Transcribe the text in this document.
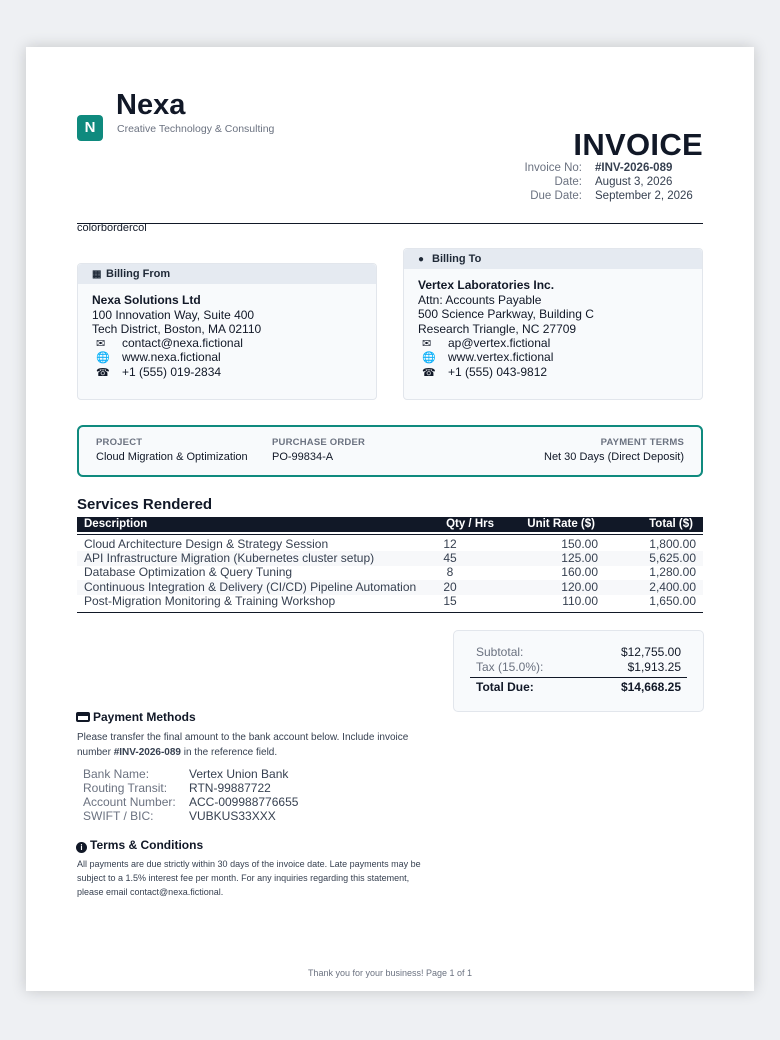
N
Nexa
Creative Technology & Consulting	INVOICE
Invoice No: #INV-2026-089
Date: August 3, 2026
Due Date: September 2, 2026
colorbordercol
▦ Billing From
Nexa Solutions Ltd
100 Innovation Way, Suite 400
Tech District, Boston, MA 02110
✉ contact@nexa.fictional
🌐 www.nexa.fictional
☎ +1 (555) 019-2834
● Billing To
Vertex Laboratories Inc.
Attn: Accounts Payable
500 Science Parkway, Building C
Research Triangle, NC 27709
✉ ap@vertex.fictional
🌐 www.vertex.fictional
☎ +1 (555) 043-9812
PROJECT
Cloud Migration & Optimization
PURCHASE ORDER
PO-99834-A
PAYMENT TERMS
Net 30 Days (Direct Deposit)
Services Rendered
Description	Qty / Hrs	Unit Rate ($)	Total ($)
Cloud Architecture Design & Strategy Session	12	150.00	1,800.00
API Infrastructure Migration (Kubernetes cluster setup)	45	125.00	5,625.00
Database Optimization & Query Tuning	8	160.00	1,280.00
Continuous Integration & Delivery (CI/CD) Pipeline Automation	20	120.00	2,400.00
Post-Migration Monitoring & Training Workshop	15	110.00	1,650.00
Subtotal:	$12,755.00
Tax (15.0%):	$1,913.25
Total Due:	$14,668.25
Payment Methods
Please transfer the final amount to the bank account below. Include invoice number #INV-2026-089 in the reference field.
Bank Name:	Vertex Union Bank
Routing Transit: RTN-99887722
Account Number: ACC-009988776655
SWIFT / BIC:	VUBKUS33XXX
i Terms & Conditions
All payments are due strictly within 30 days of the invoice date. Late payments may be subject to a 1.5% interest fee per month. For any inquiries regarding this statement, please email contact@nexa.fictional.
Thank you for your business! Page 1 of 1
